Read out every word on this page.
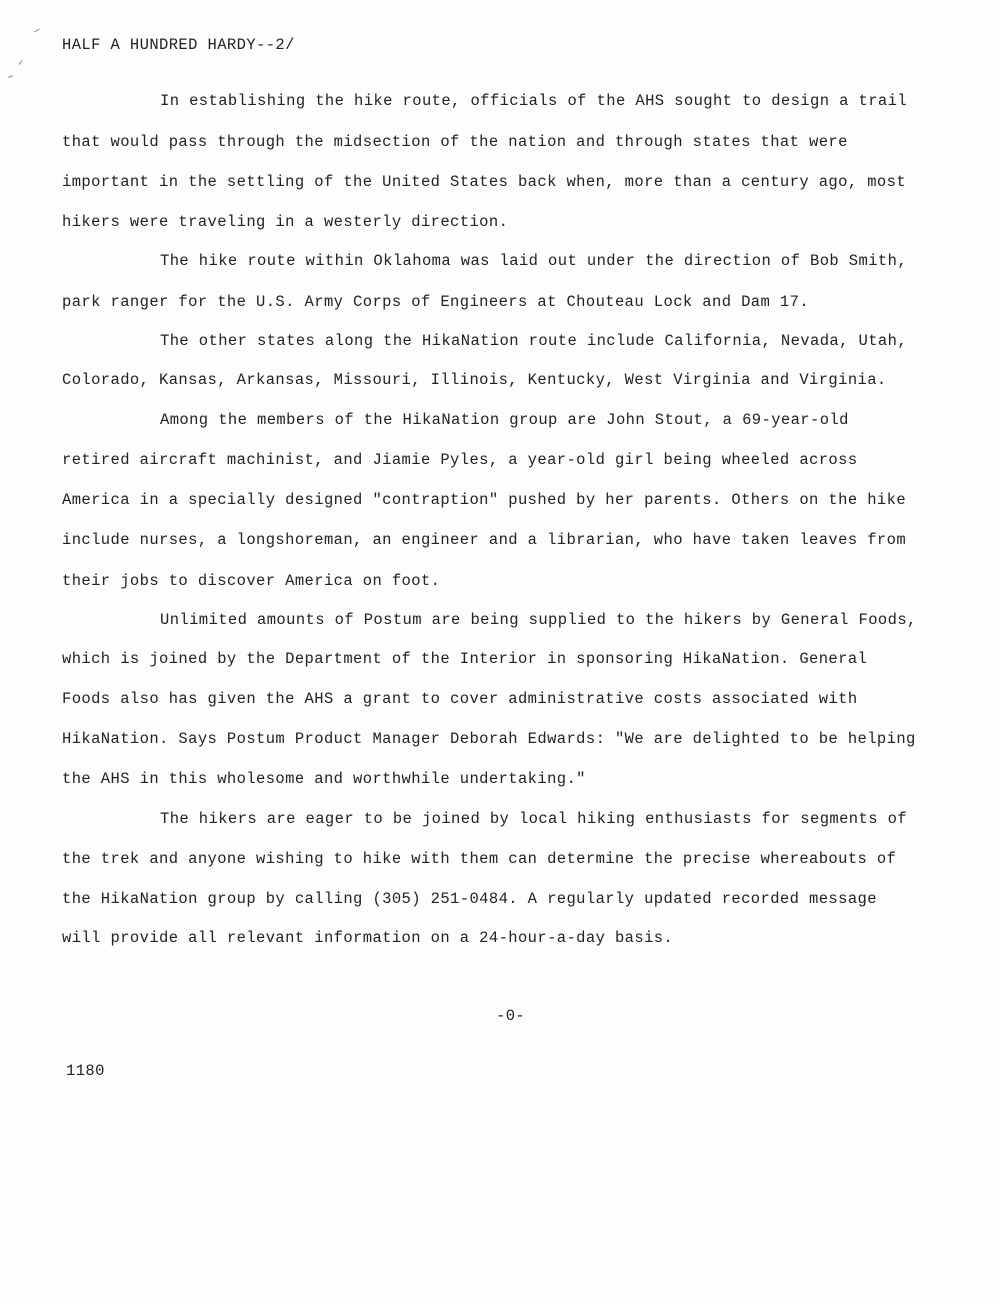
HALF A HUNDRED HARDY--2/
In establishing the hike route, officials of the AHS sought to design a trail
that would pass through the midsection of the nation and through states that were
important in the settling of the United States back when, more than a century ago, most
hikers were traveling in a westerly direction.
The hike route within Oklahoma was laid out under the direction of Bob Smith,
park ranger for the U.S. Army Corps of Engineers at Chouteau Lock and Dam 17.
The other states along the HikaNation route include California, Nevada, Utah,
Colorado, Kansas, Arkansas, Missouri, Illinois, Kentucky, West Virginia and Virginia.
Among the members of the HikaNation group are John Stout, a 69-year-old
retired aircraft machinist, and Jiamie Pyles, a year-old girl being wheeled across
America in a specially designed "contraption" pushed by her parents. Others on the hike
include nurses, a longshoreman, an engineer and a librarian, who have taken leaves from
their jobs to discover America on foot.
Unlimited amounts of Postum are being supplied to the hikers by General Foods,
which is joined by the Department of the Interior in sponsoring HikaNation. General
Foods also has given the AHS a grant to cover administrative costs associated with
HikaNation. Says Postum Product Manager Deborah Edwards: "We are delighted to be helping
the AHS in this wholesome and worthwhile undertaking."
The hikers are eager to be joined by local hiking enthusiasts for segments of
the trek and anyone wishing to hike with them can determine the precise whereabouts of
the HikaNation group by calling (305) 251-0484. A regularly updated recorded message
will provide all relevant information on a 24-hour-a-day basis.
-0-
1180
